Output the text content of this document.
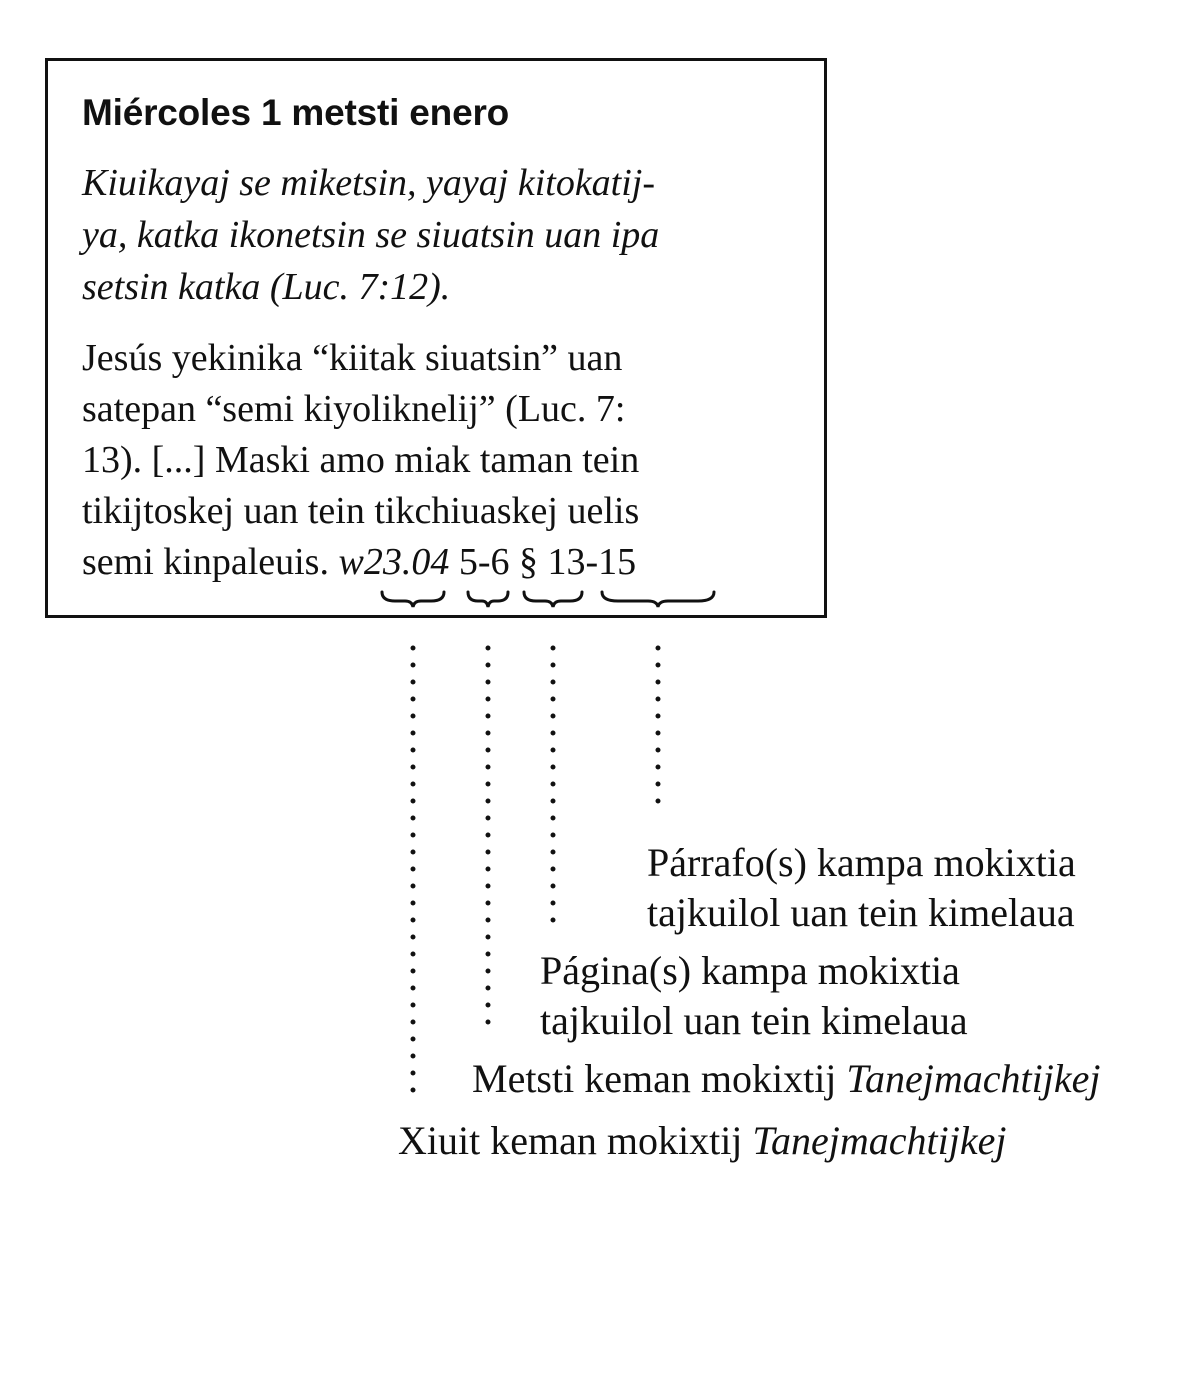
Miércoles 1 metsti enero
Kiuikayaj se miketsin, yayaj kitokatij-
ya, katka ikonetsin se siuatsin uan ipa
setsin katka (Luc. 7:12).
Jesús yekinika “kiitak siuatsin” uan
satepan “semi kiyoliknelij” (Luc. 7:
13). [...] Maski amo miak taman tein
tikijtoskej uan tein tikchiuaskej uelis
semi kinpaleuis. w23.04 5-6 § 13-15
Párrafo(s) kampa mokixtia
tajkuilol uan tein kimelaua
Página(s) kampa mokixtia
tajkuilol uan tein kimelaua
Metsti keman mokixtij Tanejmachtijkej
Xiuit keman mokixtij Tanejmachtijkej
